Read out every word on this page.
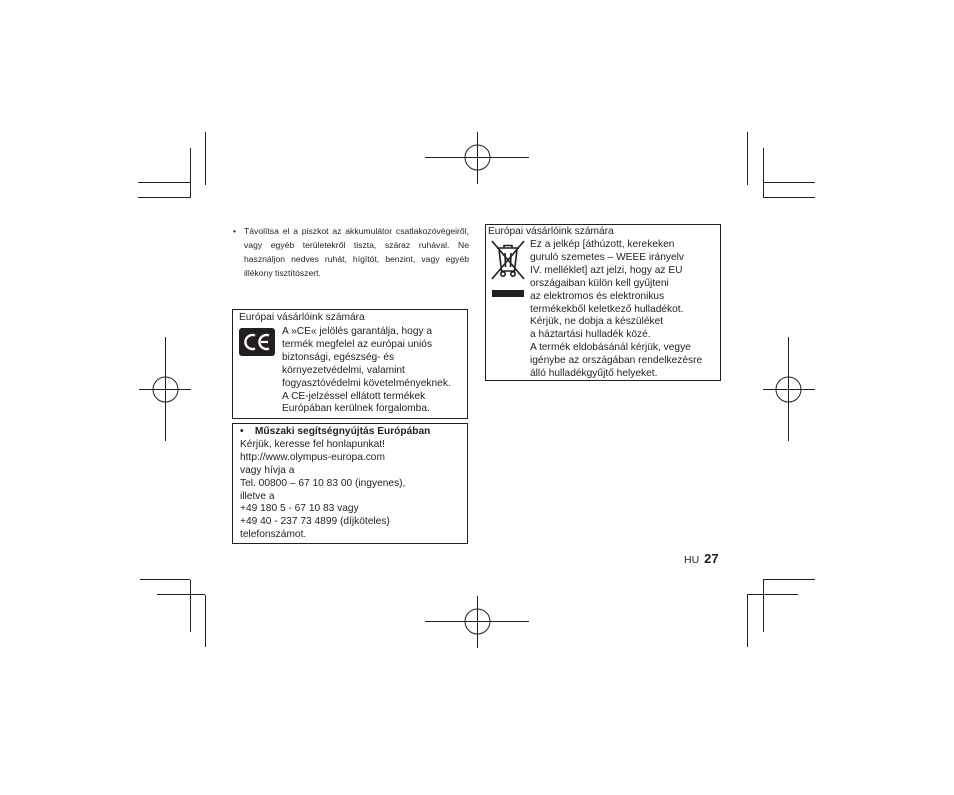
• Távolítsa el a piszkot az akkumulátor csatlakozóvégeiről, vagy egyéb területekről tiszta, száraz ruhával. Ne használjon nedves ruhát, hígítót, benzint, vagy egyéb illékony tisztítószert.
Európai vásárlóink számára
A »CE« jelölés garantálja, hogy a
termék megfelel az európai uniós
biztonsági, egészség- és
környezetvédelmi, valamint
fogyasztóvédelmi követelményeknek.
A CE-jelzéssel ellátott termékek
Európában kerülnek forgalomba.
• Műszaki segítségnyújtás Európában
Kérjük, keresse fel honlapunkat!
http://www.olympus-europa.com
vagy hívja a
Tel. 00800 – 67 10 83 00 (ingyenes),
illetve a
+49 180 5 - 67 10 83 vagy
+49 40 - 237 73 4899 (díjköteles)
telefonszámot.
Európai vásárlóink számára
Ez a jelkép [áthúzott, kerekeken
guruló szemetes – WEEE irányelv
IV. melléklet] azt jelzi, hogy az EU
országaiban külön kell gyűjteni
az elektromos és elektronikus
termékekből keletkező hulladékot.
Kérjük, ne dobja a készüléket
a háztartási hulladék közé.
A termék eldobásánál kérjük, vegye
igénybe az országában rendelkezésre
álló hulladékgyűjtő helyeket.
HU 27
